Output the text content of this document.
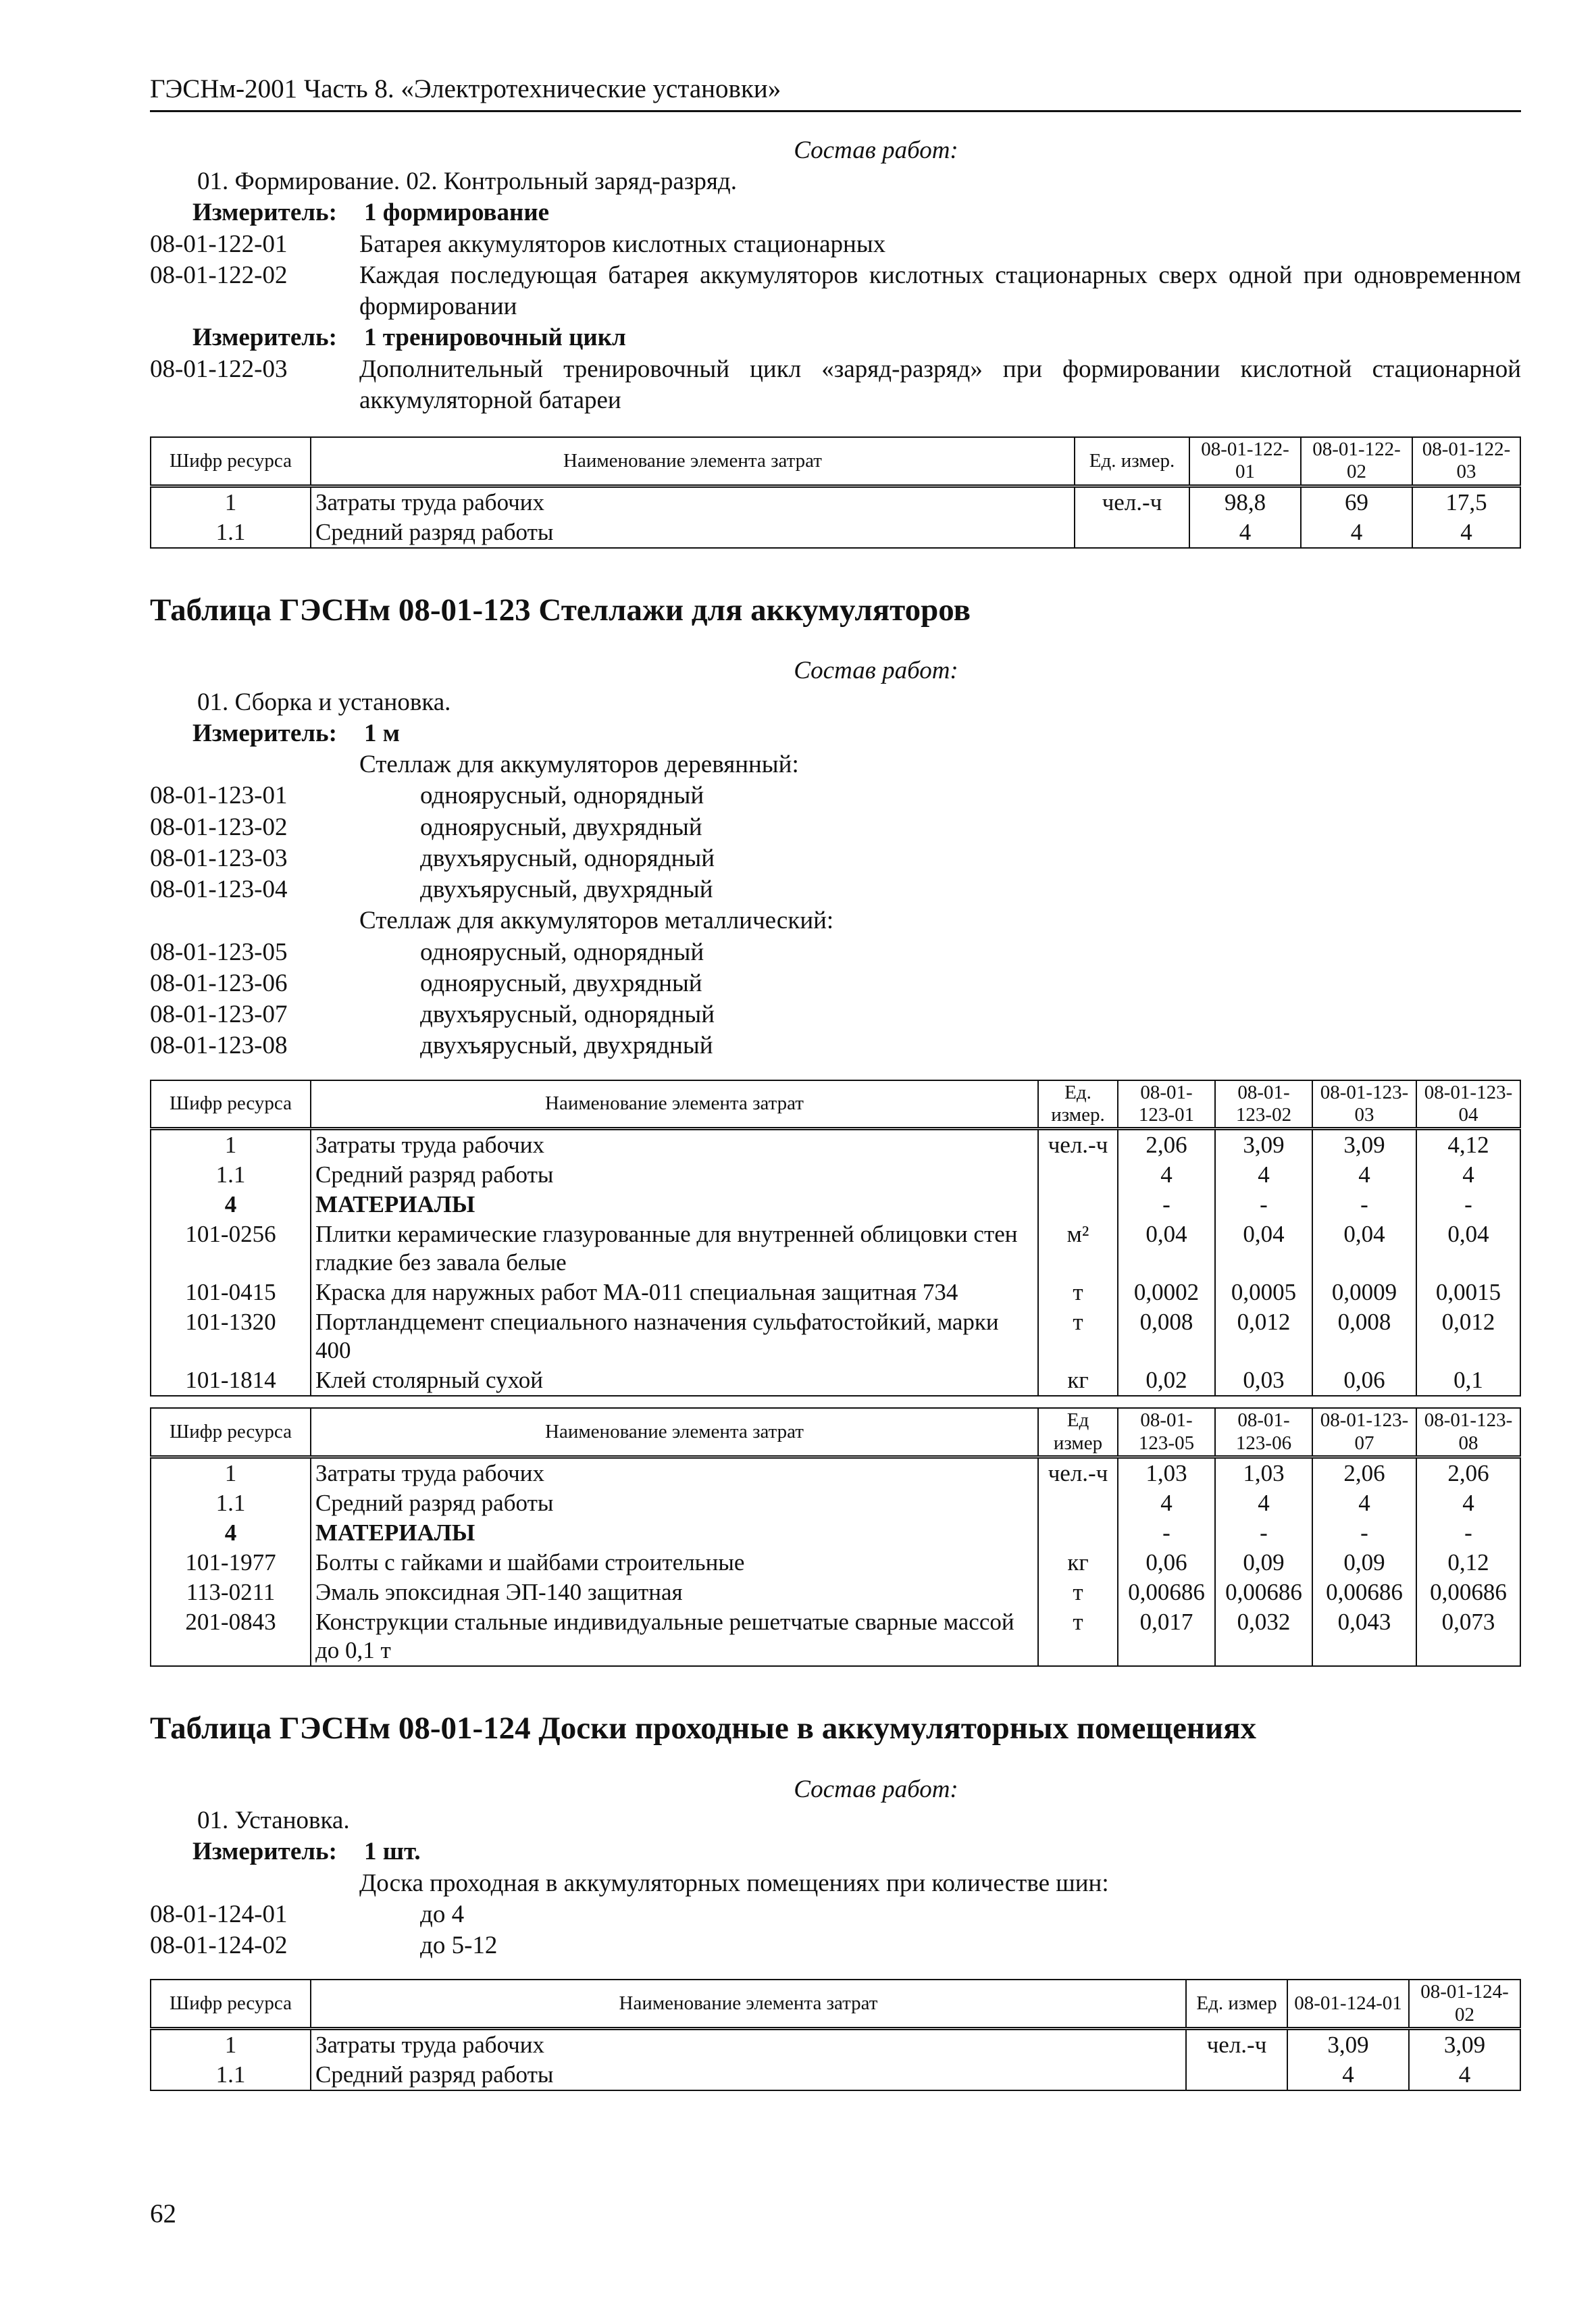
ГЭСНм-2001 Часть 8. «Электротехнические установки»
Состав работ:
01. Формирование. 02. Контрольный заряд-разряд.
Измеритель: 1 формирование
08-01-122-01	Батарея аккумуляторов кислотных стационарных
08-01-122-02	Каждая последующая батарея аккумуляторов кислотных стационарных сверх одной при одновременном формировании
Измеритель: 1 тренировочный цикл
08-01-122-03	Дополнительный тренировочный цикл «заряд-разряд» при формировании кислотной стационарной аккумуляторной батареи
Шифр ресурса	Наименование элемента затрат	Ед. измер.	08-01-122-01	08-01-122-02	08-01-122-03
1	Затраты труда рабочих	чел.-ч	98,8	69	17,5
1.1	Средний разряд работы		4	4	4
Таблица ГЭСНм 08-01-123 Стеллажи для аккумуляторов
Состав работ:
01. Сборка и установка.
Измеритель: 1 м
Стеллаж для аккумуляторов деревянный:
08-01-123-01	одноярусный, однорядный
08-01-123-02	одноярусный, двухрядный
08-01-123-03	двухъярусный, однорядный
08-01-123-04	двухъярусный, двухрядный
Стеллаж для аккумуляторов металлический:
08-01-123-05	одноярусный, однорядный
08-01-123-06	одноярусный, двухрядный
08-01-123-07	двухъярусный, однорядный
08-01-123-08	двухъярусный, двухрядный
Шифр ресурса	Наименование элемента затрат	Ед. измер.	08-01-123-01	08-01-123-02	08-01-123-03	08-01-123-04
1	Затраты труда рабочих	чел.-ч	2,06	3,09	3,09	4,12
1.1	Средний разряд работы		4	4	4	4
4	МАТЕРИАЛЫ		-	-	-	-
101-0256	Плитки керамические глазурованные для внутренней облицовки стен гладкие без завала белые	м²	0,04	0,04	0,04	0,04
101-0415	Краска для наружных работ МА-011 специальная защитная 734	т	0,0002	0,0005	0,0009	0,0015
101-1320	Портландцемент специального назначения сульфатостойкий, марки 400	т	0,008	0,012	0,008	0,012
101-1814	Клей столярный сухой	кг	0,02	0,03	0,06	0,1
Шифр ресурса	Наименование элемента затрат	Ед измер	08-01-123-05	08-01-123-06	08-01-123-07	08-01-123-08
1	Затраты труда рабочих	чел.-ч	1,03	1,03	2,06	2,06
1.1	Средний разряд работы		4	4	4	4
4	МАТЕРИАЛЫ		-	-	-	-
101-1977	Болты с гайками и шайбами строительные	кг	0,06	0,09	0,09	0,12
113-0211	Эмаль эпоксидная ЭП-140 защитная	т	0,00686	0,00686	0,00686	0,00686
201-0843	Конструкции стальные индивидуальные решетчатые сварные массой до 0,1 т	т	0,017	0,032	0,043	0,073
Таблица ГЭСНм 08-01-124 Доски проходные в аккумуляторных помещениях
Состав работ:
01. Установка.
Измеритель: 1 шт.
Доска проходная в аккумуляторных помещениях при количестве шин:
08-01-124-01	до 4
08-01-124-02	до 5-12
Шифр ресурса	Наименование элемента затрат	Ед. измер	08-01-124-01	08-01-124-02
1	Затраты труда рабочих	чел.-ч	3,09	3,09
1.1	Средний разряд работы		4	4
62
